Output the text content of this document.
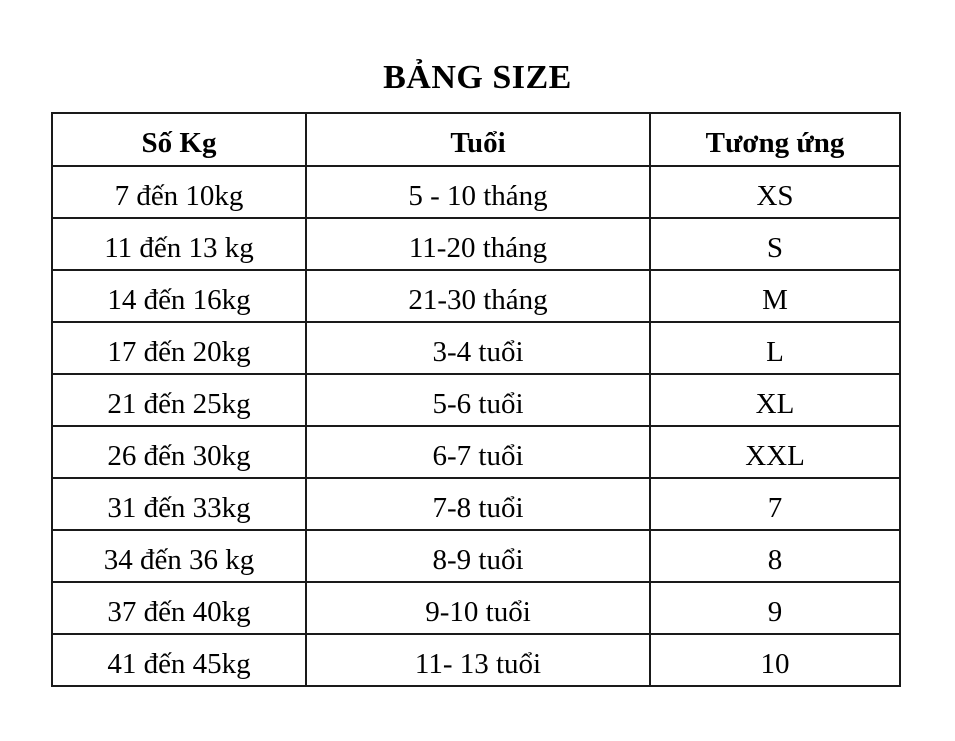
BẢNG SIZE
Số Kg	Tuổi	Tương ứng
7 đến 10kg	5 - 10 tháng	XS
11 đến 13 kg	11-20 tháng	S
14 đến 16kg	21-30 tháng	M
17 đến 20kg	3-4 tuổi	L
21 đến 25kg	5-6 tuổi	XL
26 đến 30kg	6-7 tuổi	XXL
31 đến 33kg	7-8 tuổi	7
34 đến 36 kg	8-9 tuổi	8
37 đến 40kg	9-10 tuổi	9
41 đến 45kg	11- 13 tuổi	10
